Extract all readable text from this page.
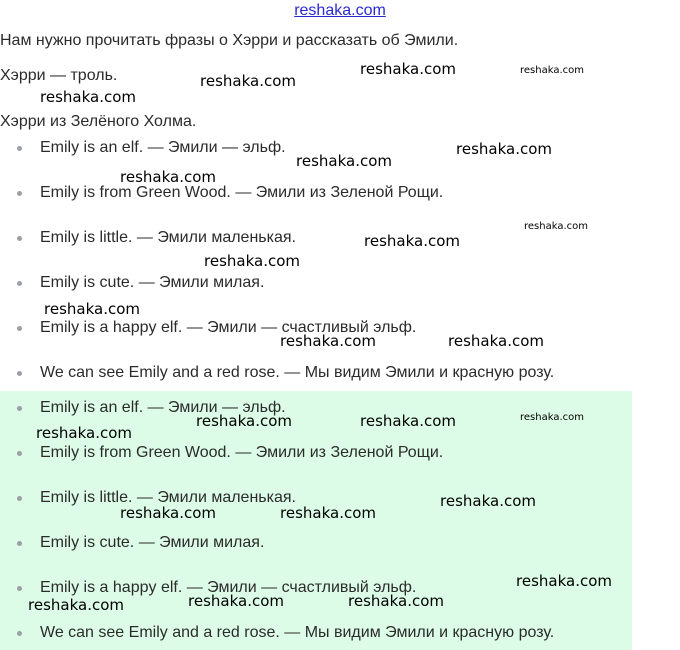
reshaka.com
Нам нужно прочитать фразы о Хэрри и рассказать об Эмили.
Хэрри — троль.
Хэрри из Зелёного Холма.
Emily is an elf. — Эмили — эльф.
Emily is from Green Wood. — Эмили из Зеленой Рощи.
Emily is little. — Эмили маленькая.
Emily is cute. — Эмили милая.
Emily is a happy elf. — Эмили — счастливый эльф.
We can see Emily and a red rose. — Мы видим Эмили и красную розу.
Emily is an elf. — Эмили — эльф.
Emily is from Green Wood. — Эмили из Зеленой Рощи.
Emily is little. — Эмили маленькая.
Emily is cute. — Эмили милая.
Emily is a happy elf. — Эмили — счастливый эльф.
We can see Emily and a red rose. — Мы видим Эмили и красную розу.
reshaka.com
reshaka.com	reshaka.com
reshaka.com
reshaka.com
reshaka.com
reshaka.com
reshaka.com
reshaka.com
reshaka.com
reshaka.com
reshaka.com	reshaka.com
reshaka.com	reshaka.com	reshaka.com
reshaka.com
reshaka.com
reshaka.com	reshaka.com
reshaka.com
reshaka.com	reshaka.com	reshaka.com
